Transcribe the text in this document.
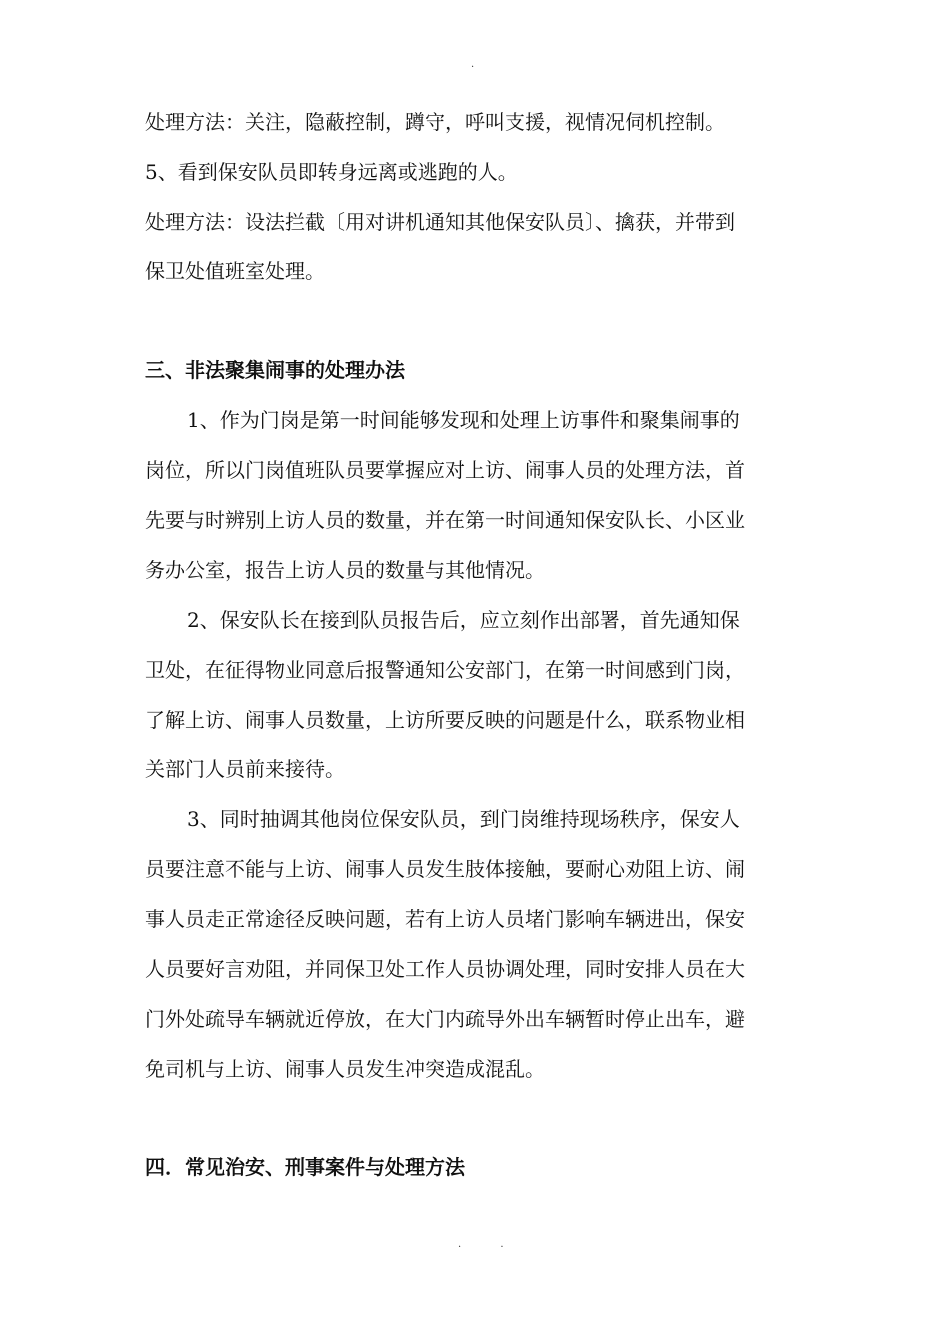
.
处理方法：关注，隐蔽控制，蹲守，呼叫支援，视情况伺机控制。
5、看到保安队员即转身远离或逃跑的人。
处理方法：设法拦截〔用对讲机通知其他保安队员〕、擒获，并带到
保卫处值班室处理。
三、非法聚集闹事的处理办法
1、作为门岗是第一时间能够发现和处理上访事件和聚集闹事的
岗位，所以门岗值班队员要掌握应对上访、闹事人员的处理方法，首
先要与时辨别上访人员的数量，并在第一时间通知保安队长、小区业
务办公室，报告上访人员的数量与其他情况。
2、保安队长在接到队员报告后，应立刻作出部署，首先通知保
卫处，在征得物业同意后报警通知公安部门，在第一时间感到门岗，
了解上访、闹事人员数量，上访所要反映的问题是什么，联系物业相
关部门人员前来接待。
3、同时抽调其他岗位保安队员，到门岗维持现场秩序，保安人
员要注意不能与上访、闹事人员发生肢体接触，要耐心劝阻上访、闹
事人员走正常途径反映问题，若有上访人员堵门影响车辆进出，保安
人员要好言劝阻，并同保卫处工作人员协调处理，同时安排人员在大
门外处疏导车辆就近停放，在大门内疏导外出车辆暂时停止出车，避
免司机与上访、闹事人员发生冲突造成混乱。
四．常见治安、刑事案件与处理方法
. .
